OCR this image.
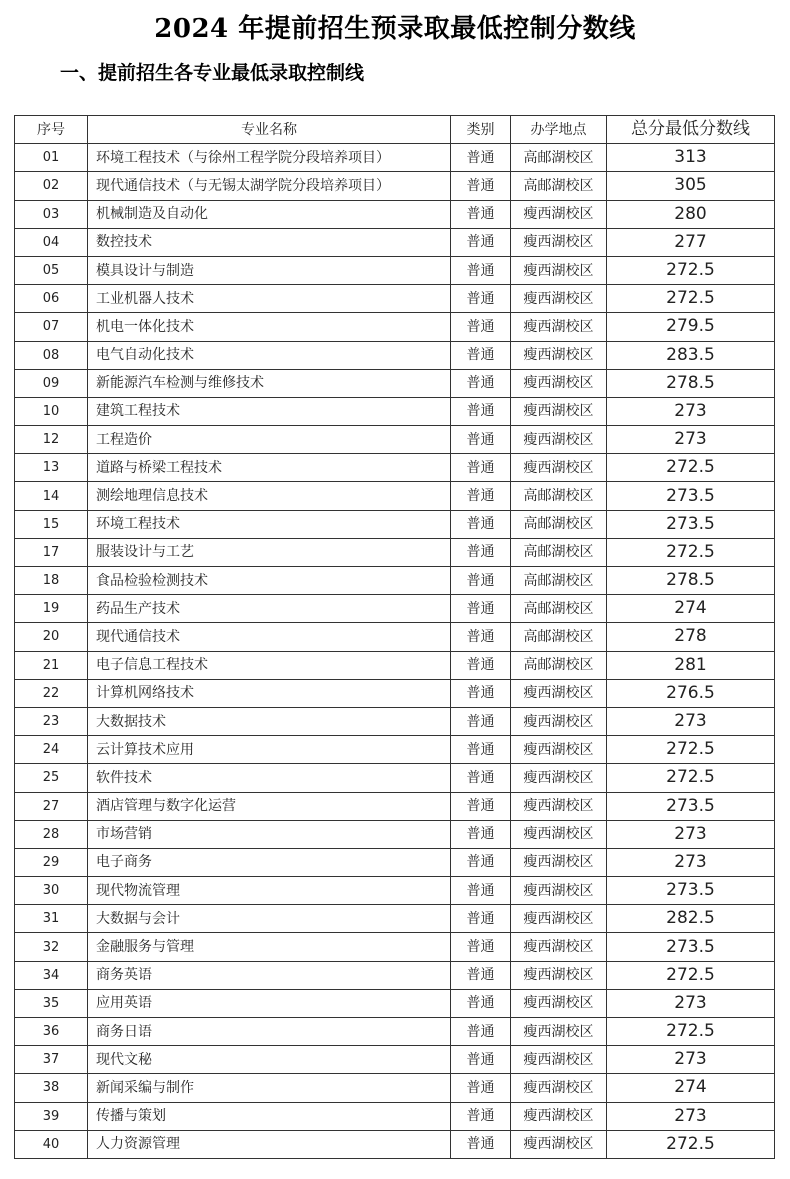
2024 年提前招生预录取最低控制分数线
一、提前招生各专业最低录取控制线
序号	专业名称	类别	办学地点	总分最低分数线	
01	环境工程技术（与徐州工程学院分段培养项目）	普通	高邮湖校区	313	
02	现代通信技术（与无锡太湖学院分段培养项目）	普通	高邮湖校区	305	
03	机械制造及自动化	普通	瘦西湖校区	280	
04	数控技术	普通	瘦西湖校区	277	
05	模具设计与制造	普通	瘦西湖校区	272.5	
06	工业机器人技术	普通	瘦西湖校区	272.5	
07	机电一体化技术	普通	瘦西湖校区	279.5	
08	电气自动化技术	普通	瘦西湖校区	283.5	
09	新能源汽车检测与维修技术	普通	瘦西湖校区	278.5	
10	建筑工程技术	普通	瘦西湖校区	273	
12	工程造价	普通	瘦西湖校区	273	
13	道路与桥梁工程技术	普通	瘦西湖校区	272.5	
14	测绘地理信息技术	普通	高邮湖校区	273.5	
15	环境工程技术	普通	高邮湖校区	273.5	
17	服装设计与工艺	普通	高邮湖校区	272.5	
18	食品检验检测技术	普通	高邮湖校区	278.5	
19	药品生产技术	普通	高邮湖校区	274	
20	现代通信技术	普通	高邮湖校区	278	
21	电子信息工程技术	普通	高邮湖校区	281	
22	计算机网络技术	普通	瘦西湖校区	276.5	
23	大数据技术	普通	瘦西湖校区	273	
24	云计算技术应用	普通	瘦西湖校区	272.5	
25	软件技术	普通	瘦西湖校区	272.5	
27	酒店管理与数字化运营	普通	瘦西湖校区	273.5	
28	市场营销	普通	瘦西湖校区	273	
29	电子商务	普通	瘦西湖校区	273	
30	现代物流管理	普通	瘦西湖校区	273.5	
31	大数据与会计	普通	瘦西湖校区	282.5	
32	金融服务与管理	普通	瘦西湖校区	273.5	
34	商务英语	普通	瘦西湖校区	272.5	
35	应用英语	普通	瘦西湖校区	273	
36	商务日语	普通	瘦西湖校区	272.5	
37	现代文秘	普通	瘦西湖校区	273	
38	新闻采编与制作	普通	瘦西湖校区	274	
39	传播与策划	普通	瘦西湖校区	273	
40	人力资源管理	普通	瘦西湖校区	272.5	
